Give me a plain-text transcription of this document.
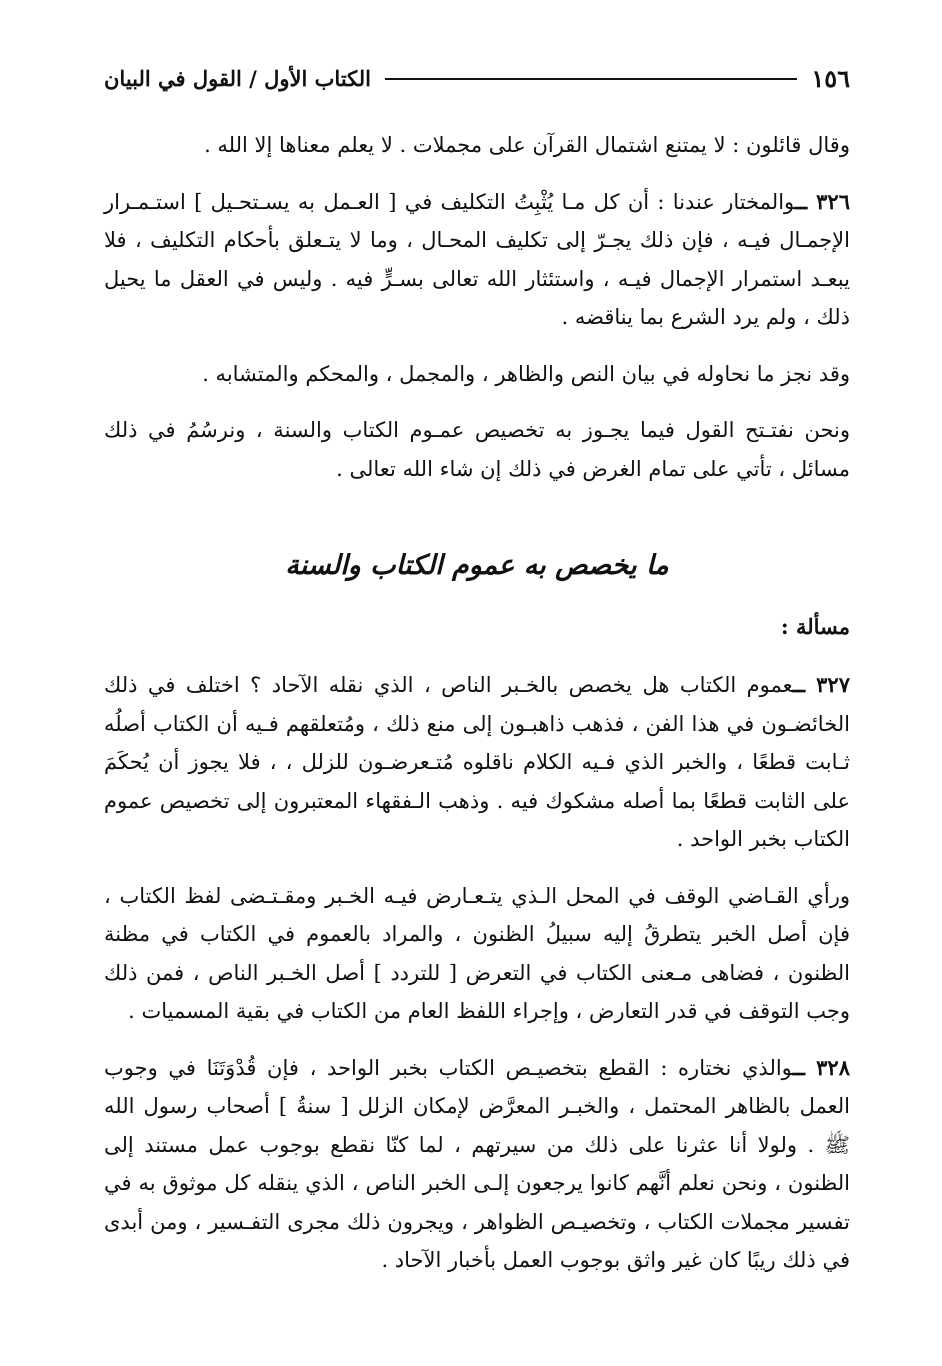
١٥٦
الكتاب الأول / القول في البيان

وقال قائلون : لا يمتنع اشتمال القرآن على مجملات . لا يعلم معناها إلا الله .

٣٢٦ ــوالمختار عندنا : أن كل مـا يُثْبِتُ التكليف في [ العـمل به يسـتحـيل ] استـمـرار الإجمـال فيـه ، فإن ذلك يجـرّ إلى تكليف المحـال ، وما لا يتـعلق بأحكام التكليف ، فلا يبعـد استمرار الإجمال فيـه ، واستئثار الله تعالى بسـرٍّ فيه . وليس في العقل ما يحيل ذلك ، ولم يرد الشرع بما يناقضه .

وقد نجز ما نحاوله في بيان النص والظاهر ، والمجمل ، والمحكم والمتشابه .

ونحن نفتـتح القول فيما يجـوز به تخصيص عمـوم الكتاب والسنة ، ونرسُمُ في ذلك مسائل ، تأتي على تمام الغرض في ذلك إن شاء الله تعالى .

ما يخصص به عموم الكتاب والسنة
مسألة :

٣٢٧ ــعموم الكتاب هل يخصص بالخـبر الناص ، الذي نقله الآحاد ؟ اختلف في ذلك الخائضـون في هذا الفن ، فذهب ذاهبـون إلى منع ذلك ، ومُتعلقهم فـيه أن الكتاب أصلُه ثـابت قطعًا ، والخبر الذي فـيه الكلام ناقلوه مُتـعرضـون للزلل ، ، فلا يجوز أن يُحكَمَ على الثابت قطعًا بما أصله مشكوك فيه . وذهب الـفقهاء المعتبرون إلى تخصيص عموم الكتاب بخبر الواحد .

ورأي القـاضي الوقف في المحل الـذي يتـعـارض فيـه الخـبر ومقـتـضى لفظ الكتاب ، فإن أصل الخبر يتطرقُ إليه سبيلُ الظنون ، والمراد بالعموم في الكتاب في مظنة الظنون ، فضاهى مـعنى الكتاب في التعرض [ للتردد ] أصل الخـبر الناص ، فمن ذلك وجب التوقف في قدر التعارض ، وإجراء اللفظ العام من الكتاب في بقية المسميات .

٣٢٨ ــوالذي نختاره : القطع بتخصيـص الكتاب بخبر الواحد ، فإن قُدْوَتَنَا في وجوب العمل بالظاهر المحتمل ، والخبـر المعرَّض لإمكان الزلل [ سنةُ ] أصحاب رسول الله ﷺ . ولولا أنا عثرنا على ذلك من سيرتهم ، لما كنّا نقطع بوجوب عمل مستند إلى الظنون ، ونحن نعلم أنَّهم كانوا يرجعون إلـى الخبر الناص ، الذي ينقله كل موثوق به في تفسير مجملات الكتاب ، وتخصيـص الظواهر ، ويجرون ذلك مجرى التفـسير ، ومن أبدى في ذلك ريبًا كان غير واثق بوجوب العمل بأخبار الآحاد .
